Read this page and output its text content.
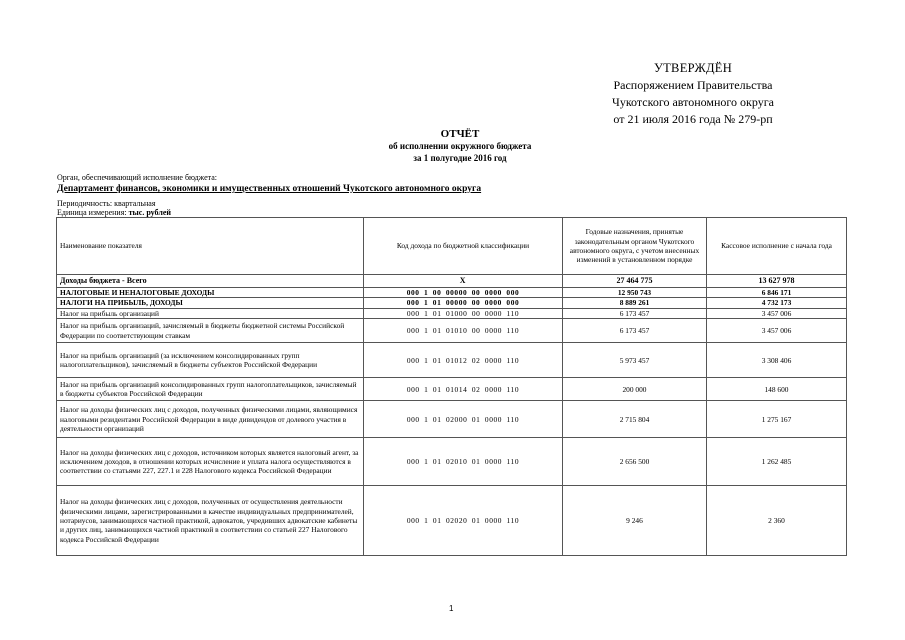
УТВЕРЖДЁН
Распоряжением Правительства
Чукотского автономного округа
от 21 июля 2016 года № 279-рп
ОТЧЁТ
об исполнении окружного бюджета
за 1 полугодие 2016 год
Орган, обеспечивающий исполнение бюджета:
Департамент финансов, экономики и имущественных отношений Чукотского автономного округа
Периодичность: квартальная
Единица измерения: тыс. рублей
Наименование показателя	Код дохода по бюджетной классификации	Годовые назначения, принятые законодательным органом Чукотского автономного округа, с учетом внесенных изменений в установленном порядке	Кассовое исполнение с начала года
Доходы бюджета - Всего	Х	27 464 775	13 627 978
НАЛОГОВЫЕ И НЕНАЛОГОВЫЕ ДОХОДЫ	000 1 00 00000 00 0000 000	12 950 743	6 846 171
НАЛОГИ НА ПРИБЫЛЬ, ДОХОДЫ	000 1 01 00000 00 0000 000	8 889 261	4 732 173
Налог на прибыль организаций	000 1 01 01000 00 0000 110	6 173 457	3 457 006
Налог на прибыль организаций, зачисляемый в бюджеты бюджетной системы Российской Федерации по соответствующим ставкам	000 1 01 01010 00 0000 110	6 173 457	3 457 006
Налог на прибыль организаций (за исключением консолидированных групп налогоплательщиков), зачисляемый в бюджеты субъектов Российской Федерации	000 1 01 01012 02 0000 110	5 973 457	3 308 406
Налог на прибыль организаций консолидированных групп налогоплательщиков, зачисляемый в бюджеты субъектов Российской Федерации	000 1 01 01014 02 0000 110	200 000	148 600
Налог на доходы физических лиц с доходов, полученных физическими лицами, являющимися налоговыми резидентами Российской Федерации в виде дивидендов от долевого участия в деятельности организаций	000 1 01 02000 01 0000 110	2 715 804	1 275 167
Налог на доходы физических лиц с доходов, источником которых является налоговый агент, за исключением доходов, в отношении которых исчисление и уплата налога осуществляются в соответствии со статьями 227, 227.1 и 228 Налогового кодекса Российской Федерации	000 1 01 02010 01 0000 110	2 656 500	1 262 485
Налог на доходы физических лиц с доходов, полученных от осуществления деятельности физическими лицами, зарегистрированными в качестве индивидуальных предпринимателей, нотариусов, занимающихся частной практикой, адвокатов, учредивших адвокатские кабинеты и других лиц, занимающихся частной практикой в соответствии со статьей 227 Налогового кодекса Российской Федерации	000 1 01 02020 01 0000 110	9 246	2 360
1
